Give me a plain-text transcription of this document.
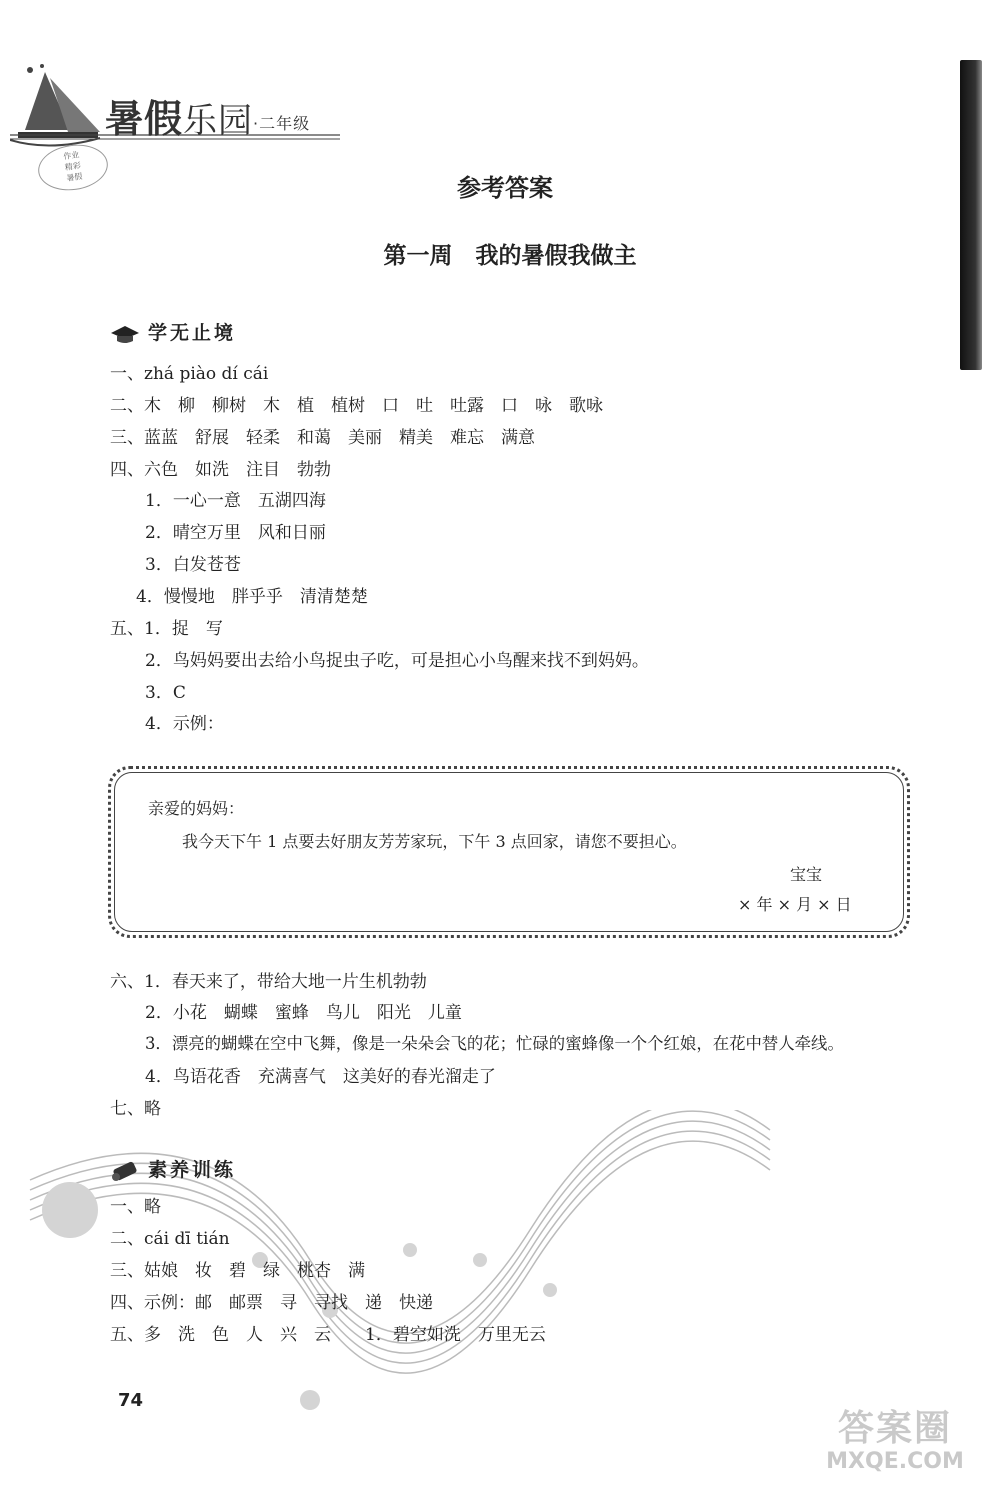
暑假乐园·二年级
作业
精彩
暑假	参考答案
第一周　我的暑假我做主
学无止境
一、zhá piào dí cái
二、木　柳　柳树　木　植　植树　口　吐　吐露　口　咏　歌咏
三、蓝蓝　舒展　轻柔　和蔼　美丽　精美　难忘　满意
四、六色　如洗　注目　勃勃
1．一心一意　五湖四海
2．晴空万里　风和日丽
3．白发苍苍
4．慢慢地　胖乎乎　清清楚楚
五、1．捉　写
2．鸟妈妈要出去给小鸟捉虫子吃，可是担心小鸟醒来找不到妈妈。
3．C
4．示例：
亲爱的妈妈：
我今天下午 1 点要去好朋友芳芳家玩，下午 3 点回家，请您不要担心。
宝宝
× 年 × 月 × 日
六、1．春天来了，带给大地一片生机勃勃
2．小花　蝴蝶　蜜蜂　鸟儿　阳光　儿童
3．漂亮的蝴蝶在空中飞舞，像是一朵朵会飞的花；忙碌的蜜蜂像一个个红娘，在花中替人牵线。
4．鸟语花香　充满喜气　这美好的春光溜走了
七、略
素养训练
一、略
二、cái dī tián
三、姑娘　妆　碧　绿　桃杏　满
四、示例：邮　邮票　寻　寻找　递　快递
五、多　洗　色　人　兴　云　　1．碧空如洗　万里无云
74
答案圈
MXQE.COM
